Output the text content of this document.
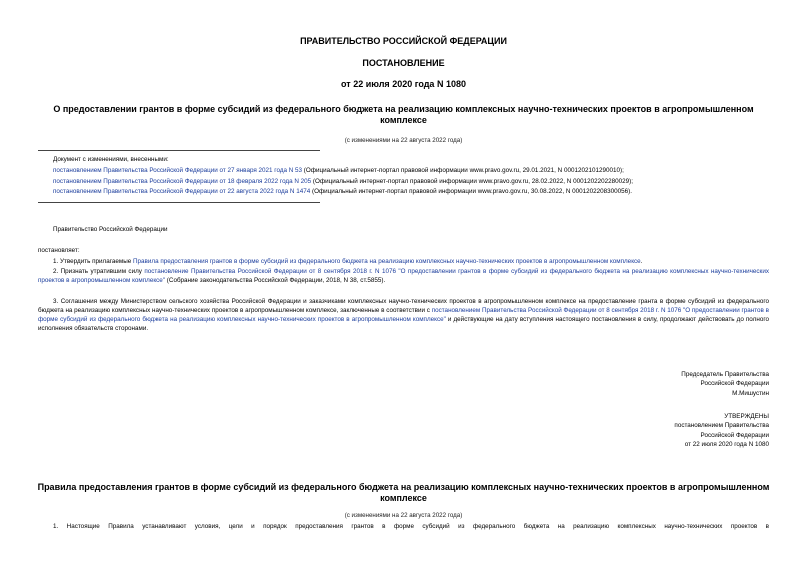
ПРАВИТЕЛЬСТВО РОССИЙСКОЙ ФЕДЕРАЦИИ
ПОСТАНОВЛЕНИЕ
от 22 июля 2020 года N 1080
О предоставлении грантов в форме субсидий из федерального бюджета на реализацию комплексных научно-технических проектов в агропромышленном
комплексе
(с изменениями на 22 августа 2022 года)
Документ с изменениями, внесенными:
постановлением Правительства Российской Федерации от 27 января 2021 года N 53 (Официальный интернет-портал правовой информации www.pravo.gov.ru, 29.01.2021, N 0001202101290010);
постановлением Правительства Российской Федерации от 18 февраля 2022 года N 205 (Официальный интернет-портал правовой информации www.pravo.gov.ru, 28.02.2022, N 0001202202280029);
постановлением Правительства Российской Федерации от 22 августа 2022 года N 1474 (Официальный интернет-портал правовой информации www.pravo.gov.ru, 30.08.2022, N 0001202208300056).
Правительство Российской Федерации
постановляет:
1. Утвердить прилагаемые Правила предоставления грантов в форме субсидий из федерального бюджета на реализацию комплексных научно-технических проектов в агропромышленном комплексе.
2. Признать утратившим силу постановление Правительства Российской Федерации от 8 сентября 2018 г. N 1076 "О предоставлении грантов в форме субсидий из федерального бюджета на реализацию комплексных научно-технических проектов в агропромышленном комплексе" (Собрание законодательства Российской Федерации, 2018, N 38, ст.5855).
3. Соглашения между Министерством сельского хозяйства Российской Федерации и заказчиками комплексных научно-технических проектов в агропромышленном комплексе на предоставление гранта в форме субсидий из федерального бюджета на реализацию комплексных научно-технических проектов в агропромышленном комплексе, заключенные в соответствии с постановлением Правительства Российской Федерации от 8 сентября 2018 г. N 1076 "О предоставлении грантов в форме субсидий из федерального бюджета на реализацию комплексных научно-технических проектов в агропромышленном комплексе" и действующие на дату вступления настоящего постановления в силу, продолжают действовать до полного исполнения обязательств сторонами.
Председатель Правительства
Российской Федерации
М.Мишустин
УТВЕРЖДЕНЫ
постановлением Правительства
Российской Федерации
от 22 июля 2020 года N 1080
Правила предоставления грантов в форме субсидий из федерального бюджета на реализацию комплексных научно-технических проектов в агропромышленном
комплексе
(с изменениями на 22 августа 2022 года)
1. Настоящие Правила устанавливают условия, цели и порядок предоставления грантов в форме субсидий из федерального бюджета на реализацию комплексных научно-технических проектов в
